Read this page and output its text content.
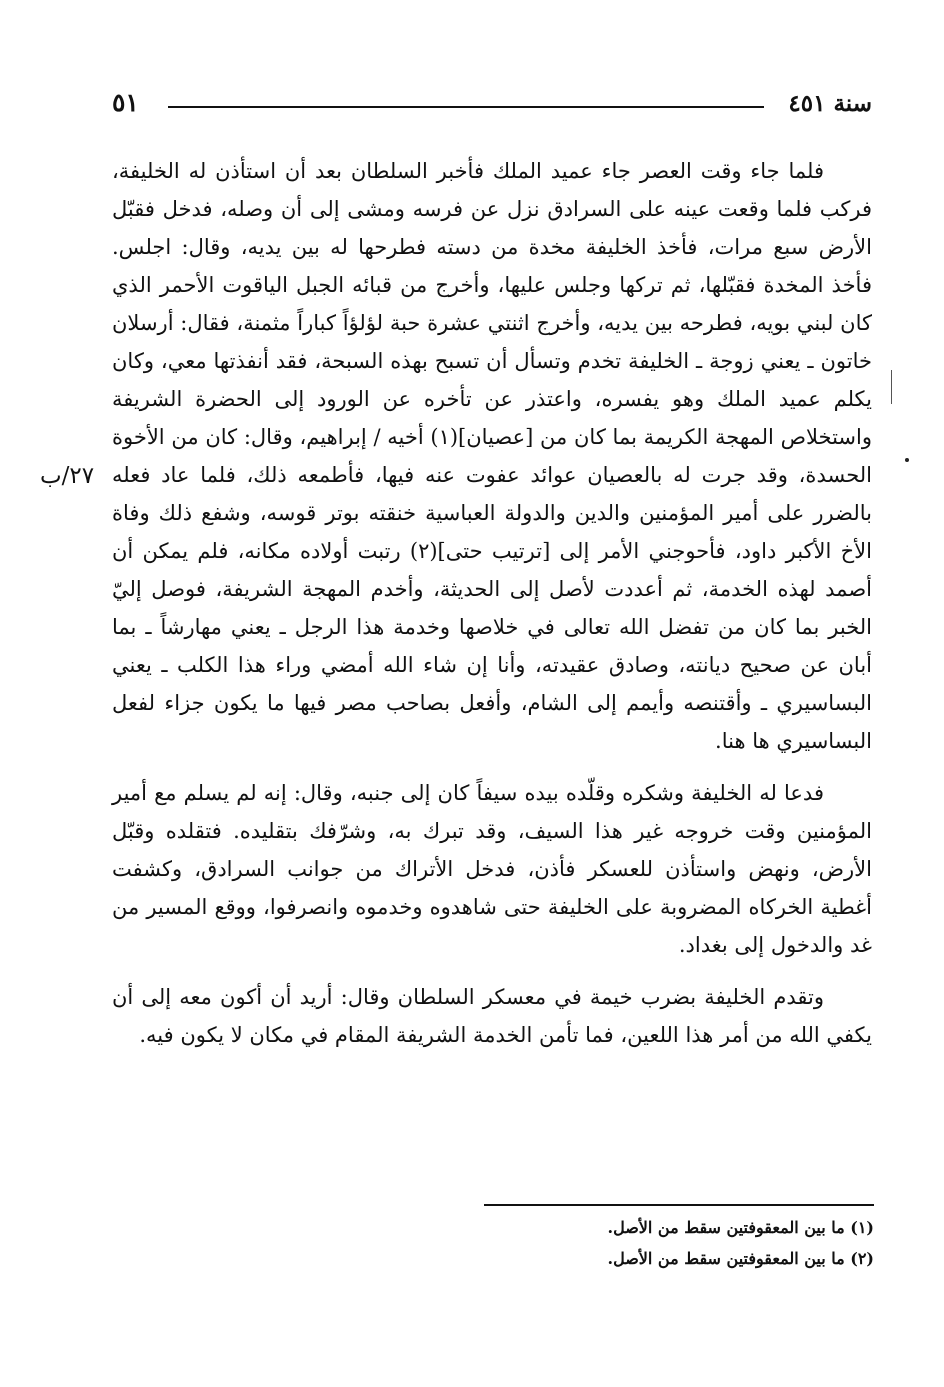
سنة ٤٥١
٥١
٢٧/ب

فلما جاء وقت العصر جاء عميد الملك فأخبر السلطان بعد أن استأذن له الخليفة، فركب فلما وقعت عينه على السرادق نزل عن فرسه ومشى إلى أن وصله، فدخل فقبّل الأرض سبع مرات، فأخذ الخليفة مخدة من دسته فطرحها له بين يديه، وقال: اجلس. فأخذ المخدة فقبّلها، ثم تركها وجلس عليها، وأخرج من قبائه الجبل الياقوت الأحمر الذي كان لبني بويه، فطرحه بين يديه، وأخرج اثنتي عشرة حبة لؤلؤاً كباراً مثمنة، فقال: أرسلان خاتون ـ يعني زوجة ـ الخليفة تخدم وتسأل أن تسبح بهذه السبحة، فقد أنفذتها معي، وكان يكلم عميد الملك وهو يفسره، واعتذر عن تأخره عن الورود إلى الحضرة الشريفة واستخلاص المهجة الكريمة بما كان من [عصيان](١) أخيه / إبراهيم، وقال: كان من الأخوة الحسدة، وقد جرت له بالعصيان عوائد عفوت عنه فيها، فأطمعه ذلك، فلما عاد فعله بالضرر على أمير المؤمنين والدين والدولة العباسية خنقته بوتر قوسه، وشفع ذلك وفاة الأخ الأكبر داود، فأحوجني الأمر إلى [ترتيب حتى](٢) رتبت أولاده مكانه، فلم يمكن أن أصمد لهذه الخدمة، ثم أعددت لأصل إلى الحديثة، وأخدم المهجة الشريفة، فوصل إليّ الخبر بما كان من تفضل الله تعالى في خلاصها وخدمة هذا الرجل ـ يعني مهارشاً ـ بما أبان عن صحيح ديانته، وصادق عقيدته، وأنا إن شاء الله أمضي وراء هذا الكلب ـ يعني البساسيري ـ وأقتنصه وأيمم إلى الشام، وأفعل بصاحب مصر فيها ما يكون جزاء لفعل البساسيري ها هنا.

فدعا له الخليفة وشكره وقلّده بيده سيفاً كان إلى جنبه، وقال: إنه لم يسلم مع أمير المؤمنين وقت خروجه غير هذا السيف، وقد تبرك به، وشرّفك بتقليده. فتقلده وقبّل الأرض، ونهض واستأذن للعسكر فأذن، فدخل الأتراك من جوانب السرادق، وكشفت أغطية الخركاه المضروبة على الخليفة حتى شاهدوه وخدموه وانصرفوا، ووقع المسير من غد والدخول إلى بغداد.

وتقدم الخليفة بضرب خيمة في معسكر السلطان وقال: أريد أن أكون معه إلى أن يكفي الله من أمر هذا اللعين، فما تأمن الخدمة الشريفة المقام في مكان لا يكون فيه.

(١) ما بين المعقوفتين سقط من الأصل.
(٢) ما بين المعقوفتين سقط من الأصل.
